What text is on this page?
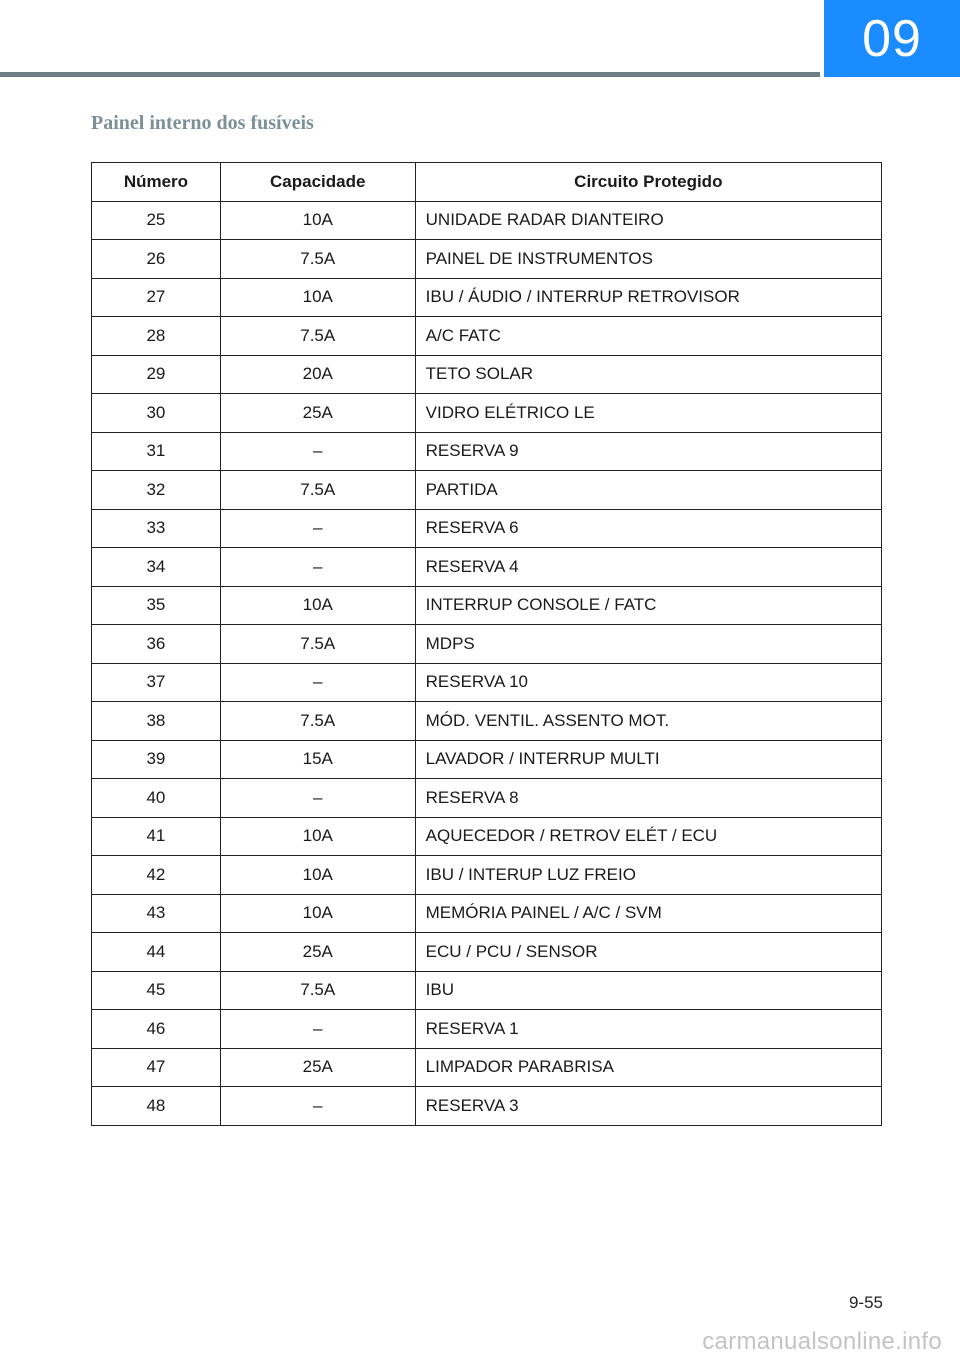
09
Painel interno dos fusíveis
Número	Capacidade	Circuito Protegido
25	10A	UNIDADE RADAR DIANTEIRO
26	7.5A	PAINEL DE INSTRUMENTOS
27	10A	IBU / ÁUDIO / INTERRUP RETROVISOR
28	7.5A	A/C FATC
29	20A	TETO SOLAR
30	25A	VIDRO ELÉTRICO LE
31	–	RESERVA 9
32	7.5A	PARTIDA
33	–	RESERVA 6
34	–	RESERVA 4
35	10A	INTERRUP CONSOLE / FATC
36	7.5A	MDPS
37	–	RESERVA 10
38	7.5A	MÓD. VENTIL. ASSENTO MOT.
39	15A	LAVADOR / INTERRUP MULTI
40	–	RESERVA 8
41	10A	AQUECEDOR / RETROV ELÉT / ECU
42	10A	IBU / INTERUP LUZ FREIO
43	10A	MEMÓRIA PAINEL / A/C / SVM
44	25A	ECU / PCU / SENSOR
45	7.5A	IBU
46	–	RESERVA 1
47	25A	LIMPADOR PARABRISA
48	–	RESERVA 3
9-55
carmanualsonline.info
